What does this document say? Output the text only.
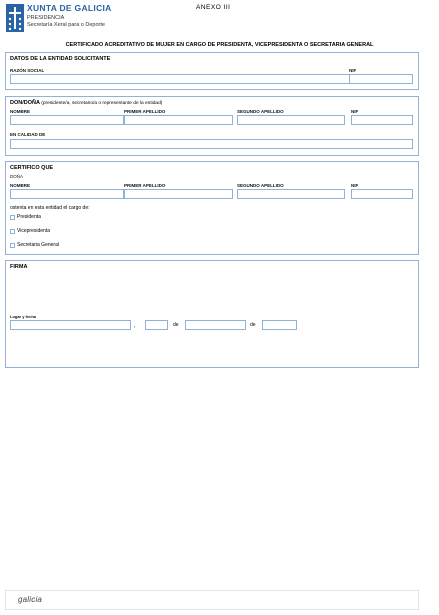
XUNTA DE GALICIA
PRESIDENCIA
Secretaría Xeral para o Deporte
ANEXO III
CERTIFICADO ACREDITATIVO DE MUJER EN CARGO DE PRESIDENTA, VICEPRESIDENTA O SECRETARIA GENERAL
DATOS DE LA ENTIDAD SOLICITANTE
RAZÓN SOCIAL	NIF
DON/DOÑA (presidente/a, secretario/a o representante de la entidad)
NOMBRE	PRIMER APELLIDO	SEGUNDO APELLIDO	NIF
EN CALIDAD DE
CERTIFICO QUE
DOÑA
NOMBRE	PRIMER APELLIDO	SEGUNDO APELLIDO	NIF
ostenta en esta entidad el cargo de:
Presidenta
Vicepresidenta
Secretaria General
FIRMA
Lugar y fecha
,	de	de
galicia
